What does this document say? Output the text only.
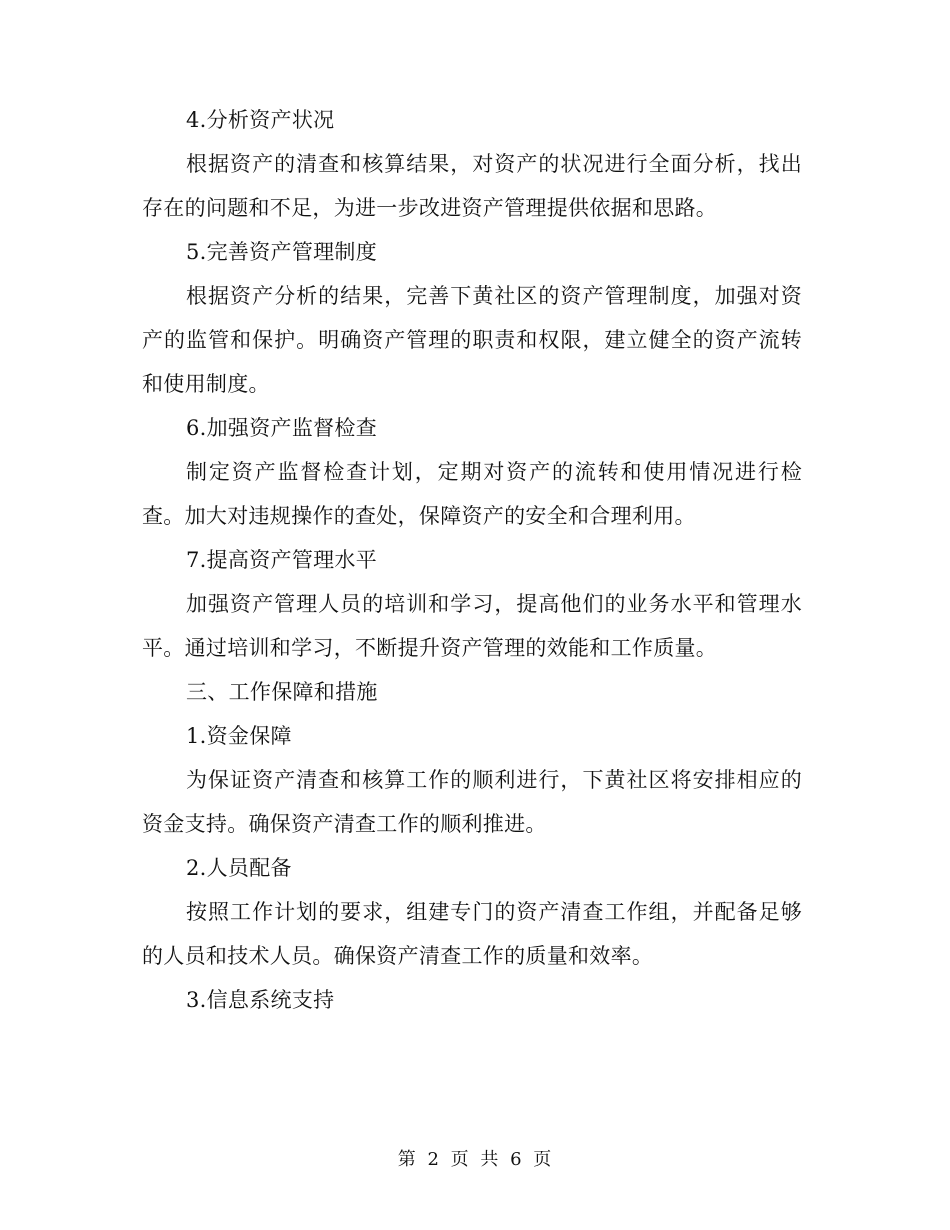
4.分析资产状况

根据资产的清查和核算结果，对资产的状况进行全面分析，找出存在的问题和不足，为进一步改进资产管理提供依据和思路。

5.完善资产管理制度

根据资产分析的结果，完善下黄社区的资产管理制度，加强对资产的监管和保护。明确资产管理的职责和权限，建立健全的资产流转和使用制度。

6.加强资产监督检查

制定资产监督检查计划，定期对资产的流转和使用情况进行检查。加大对违规操作的查处，保障资产的安全和合理利用。

7.提高资产管理水平

加强资产管理人员的培训和学习，提高他们的业务水平和管理水平。通过培训和学习，不断提升资产管理的效能和工作质量。

三、工作保障和措施

1.资金保障

为保证资产清查和核算工作的顺利进行，下黄社区将安排相应的资金支持。确保资产清查工作的顺利推进。

2.人员配备

按照工作计划的要求，组建专门的资产清查工作组，并配备足够的人员和技术人员。确保资产清查工作的质量和效率。

3.信息系统支持

第 2 页 共 6 页
